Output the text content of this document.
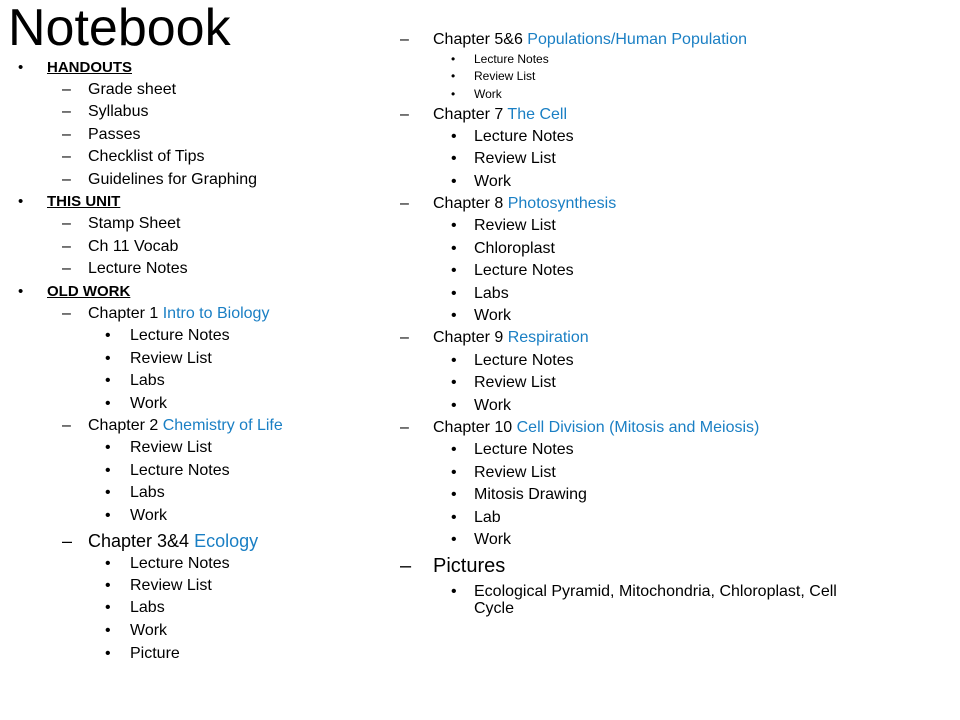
Notebook
• HANDOUTS
– Grade sheet
– Syllabus
– Passes
– Checklist of Tips
– Guidelines for Graphing
• THIS UNIT
– Stamp Sheet
– Ch 11 Vocab
– Lecture Notes
• OLD WORK
– Chapter 1 Intro to Biology
• Lecture Notes
• Review List
• Labs
• Work
– Chapter 2 Chemistry of Life
• Review List
• Lecture Notes
• Labs
• Work
– Chapter 3&4 Ecology
• Lecture Notes
• Review List
• Labs
• Work
• Picture
– Chapter 5&6 Populations/Human Population
• Lecture Notes
• Review List
• Work
– Chapter 7 The Cell
• Lecture Notes
• Review List
• Work
– Chapter 8 Photosynthesis
• Review List
• Chloroplast
• Lecture Notes
• Labs
• Work
– Chapter 9 Respiration
• Lecture Notes
• Review List
• Work
– Chapter 10 Cell Division (Mitosis and Meiosis)
• Lecture Notes
• Review List
• Mitosis Drawing
• Lab
• Work
– Pictures
• Ecological Pyramid, Mitochondria, Chloroplast, Cell
Cycle
